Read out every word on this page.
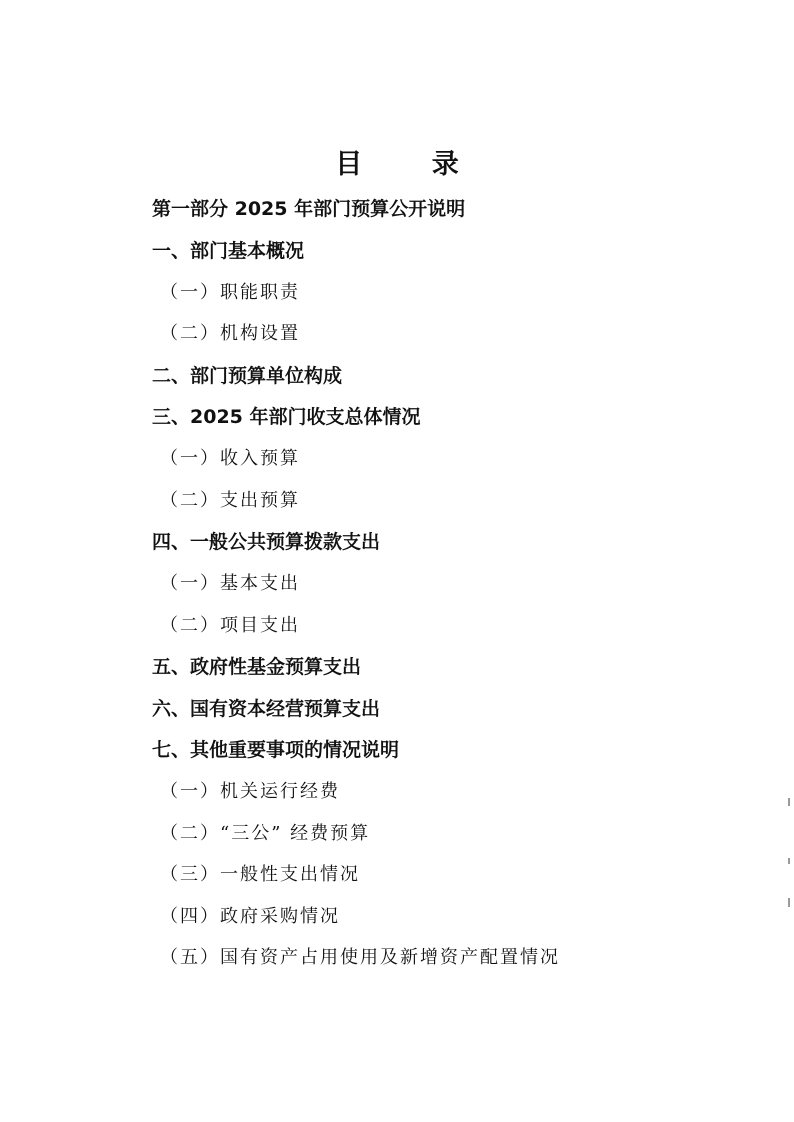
目 录
第一部分 2025 年部门预算公开说明
一、部门基本概况
（一）职能职责
（二）机构设置
二、部门预算单位构成
三、2025 年部门收支总体情况
（一）收入预算
（二）支出预算
四、一般公共预算拨款支出
（一）基本支出
（二）项目支出
五、政府性基金预算支出
六、国有资本经营预算支出
七、其他重要事项的情况说明
（一）机关运行经费
（二）“三公” 经费预算
（三）一般性支出情况
（四）政府采购情况
（五）国有资产占用使用及新增资产配置情况
